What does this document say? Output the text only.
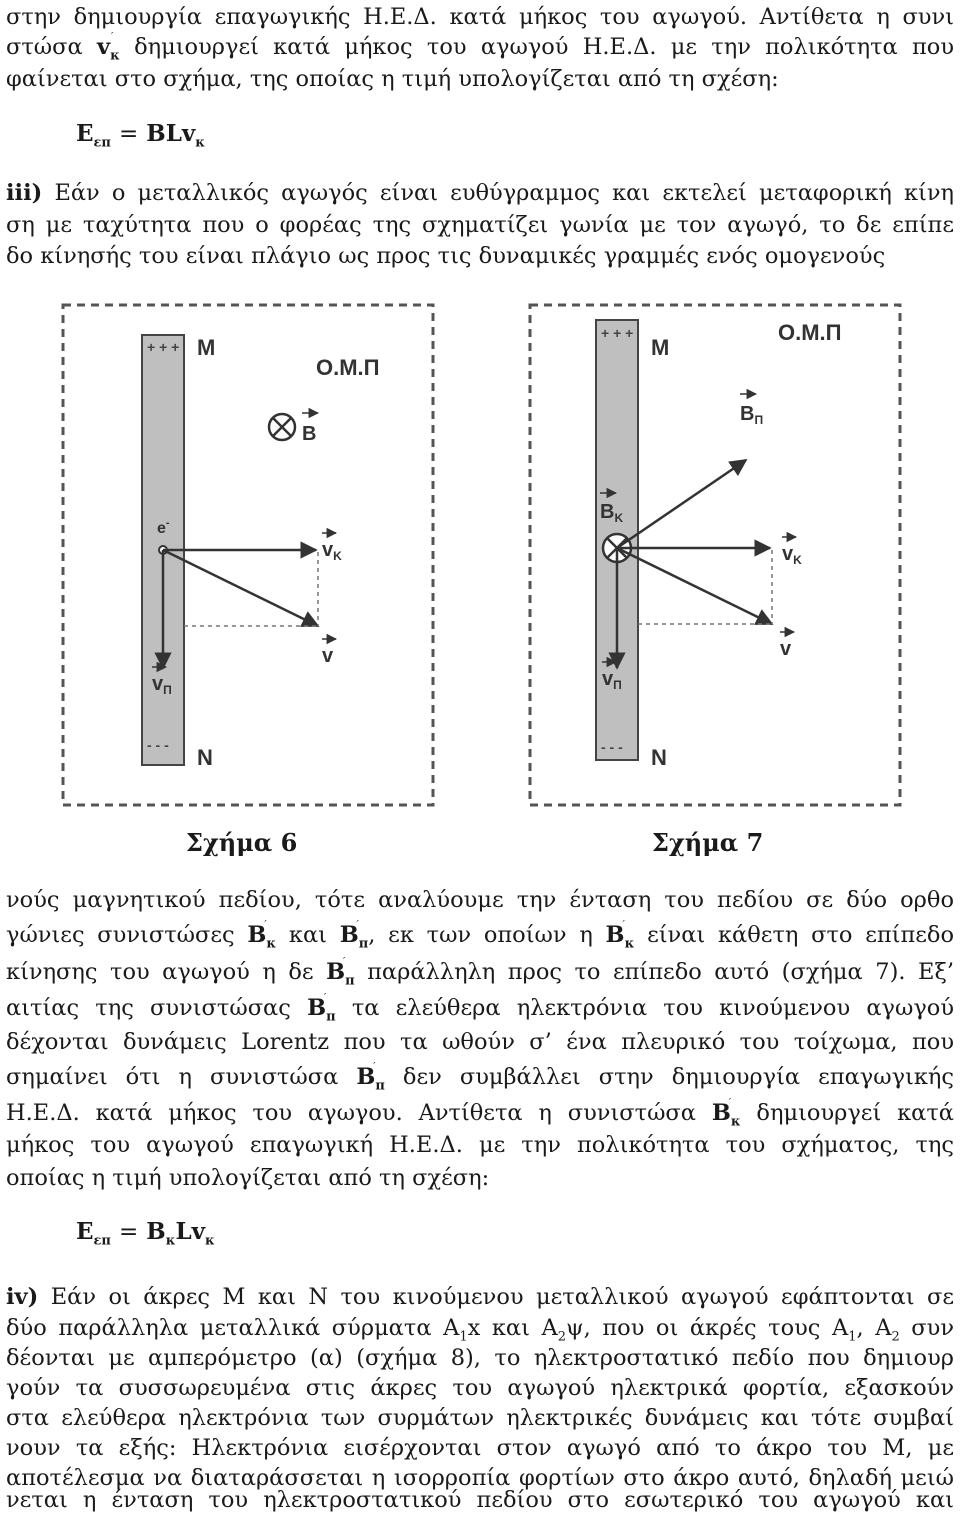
στην δημιουργία επαγωγικής Η.Ε.Δ. κατά μήκος του αγωγού. Αντίθετα η συνι
$\sigma\tau ώ\sigma\alpha \to v_\kappa$ δημιουργεί κατά μήκος του αγωγού Η.Ε.Δ. με την πολικότητα που
φαίνεται στο σχήμα, της οποίας η τιμή υπολογίζεται από τη σχέση:
$E_{\varepsilon\pi} = BLv_\kappa$
iii) Εάν ο μεταλλικός αγωγός είναι ευθύγραμμος και εκτελεί μεταφορική κίνη
ση με ταχύτητα που ο φορέας της σχηματίζει γωνία με τον αγωγό, το δε επίπε
δο κίνησής του είναι πλάγιο ως προς τις δυναμικές γραμμές ενός ομογενούς
+ + +
- - -
M
N
Ο.Μ.Π
B
e-
$v_K$
v
$v_\Pi$
+ + +
- - -
M
N
Ο.Μ.Π
$B_\Pi$
$B_K$
$v_K$
v
$v_\Pi$
Σχήμα 6	Σχήμα 7
νούς μαγνητικού πεδίου, τότε αναλύουμε την ένταση του πεδίου σε δύο ορθο
γώνιες $\sigma\upsilon\nu\iota\sigma\tau ώ\sigma\varepsilon\varsigma \to B_\kappa$ $\kappa\alpha\iota \to B_\pi$, εκ των οποίων $\eta \to B_\kappa$ είναι κάθετη στο επίπεδο
κίνησης του αγωγού η $\delta\varepsilon \to B_\pi$ παράλληλη προς το επίπεδο αυτό (σχήμα 7). Εξ’
αιτίας της $\sigma\upsilon\nu\iota\sigma\tau ώ\sigma\alpha\varsigma \to B_\pi$ τα ελεύθερα ηλεκτρόνια του κινούμενου αγωγού
δέχονται δυνάμεις Lorentz που τα ωθούν σ’ ένα πλευρικό του τοίχωμα, που
σημαίνει ότι η $\sigma\upsilon\nu\iota\sigma\tau ώ\sigma\alpha \to B_\pi$ δεν συμβάλλει στην δημιουργία επαγωγικής
Η.Ε.Δ. κατά μήκος του αγωγου. Αντίθετα η $\sigma\upsilon\nu\iota\sigma\tau ώ\sigma\alpha \to B_\kappa$ δημιουργεί κατά
μήκος του αγωγού επαγωγική Η.Ε.Δ. με την πολικότητα του σχήματος, της
οποίας η τιμή υπολογίζεται από τη σχέση:
$E_{\varepsilon\pi} = B_\kappa Lv_\kappa$
iv) Εάν οι άκρες Μ και Ν του κινούμενου μεταλλικού αγωγού εφάπτονται σε
δύο παράλληλα μεταλλικά σύρματα $A_1x$ και $A_2\psi$, που οι άκρές τους $A_1$, $A_2$ συν
δέονται με αμπερόμετρο (α) (σχήμα 8), το ηλεκτροστατικό πεδίο που δημιουρ
γούν τα συσσωρευμένα στις άκρες του αγωγού ηλεκτρικά φορτία, εξασκούν
στα ελεύθερα ηλεκτρόνια των συρμάτων ηλεκτρικές δυνάμεις και τότε συμβαί
νουν τα εξής: Ηλεκτρόνια εισέρχονται στον αγωγό από το άκρο του Μ, με
αποτέλεσμα να διαταράσσεται η ισορροπία φορτίων στο άκρο αυτό, δηλαδή μειώ
νεται η ένταση του ηλεκτροστατικού πεδίου στο εσωτερικό του αγωγού και
